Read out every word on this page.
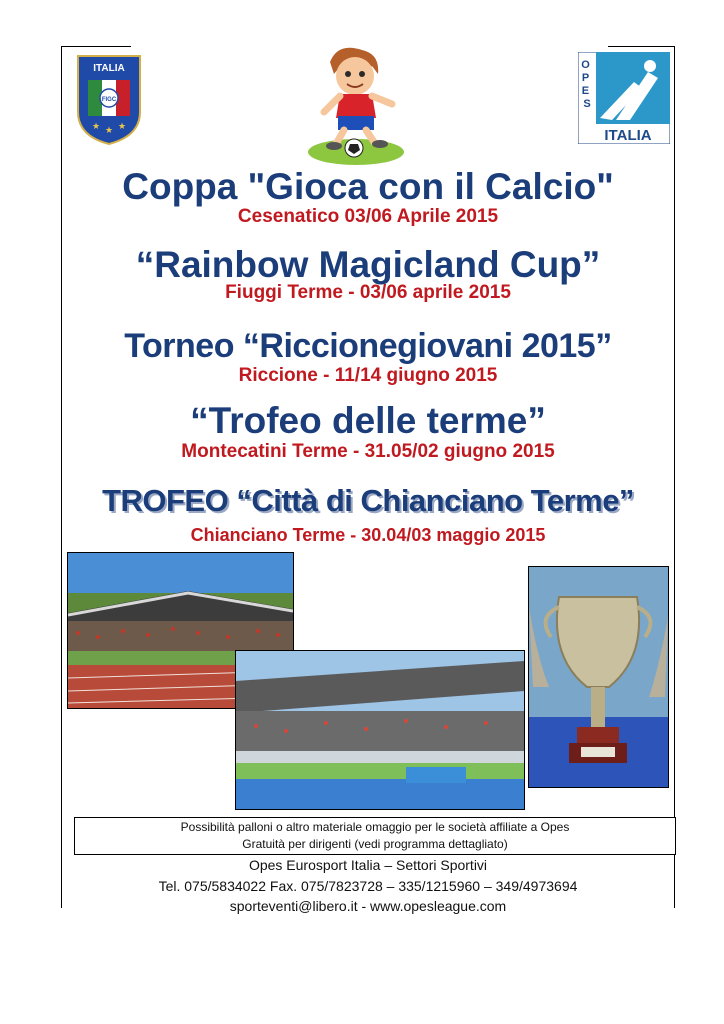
ITALIA
FIGC
★ ★ ★
O P E S
ITALIA
Coppa "Gioca con il Calcio"
Cesenatico 03/06 Aprile 2015
“Rainbow Magicland Cup”
Fiuggi Terme - 03/06 aprile 2015
Torneo “Riccionegiovani 2015”
Riccione - 11/14 giugno 2015
“Trofeo delle terme”
Montecatini Terme - 31.05/02 giugno 2015
TROFEO “Città di Chianciano Terme”
Chianciano Terme - 30.04/03 maggio 2015
Possibilità palloni o altro materiale omaggio per le società affiliate a Opes
Gratuità per dirigenti (vedi programma dettagliato)
Opes Eurosport Italia – Settori Sportivi
Tel. 075/5834022 Fax. 075/7823728 – 335/1215960 – 349/4973694
sporteventi@libero.it - www.opesleague.com
